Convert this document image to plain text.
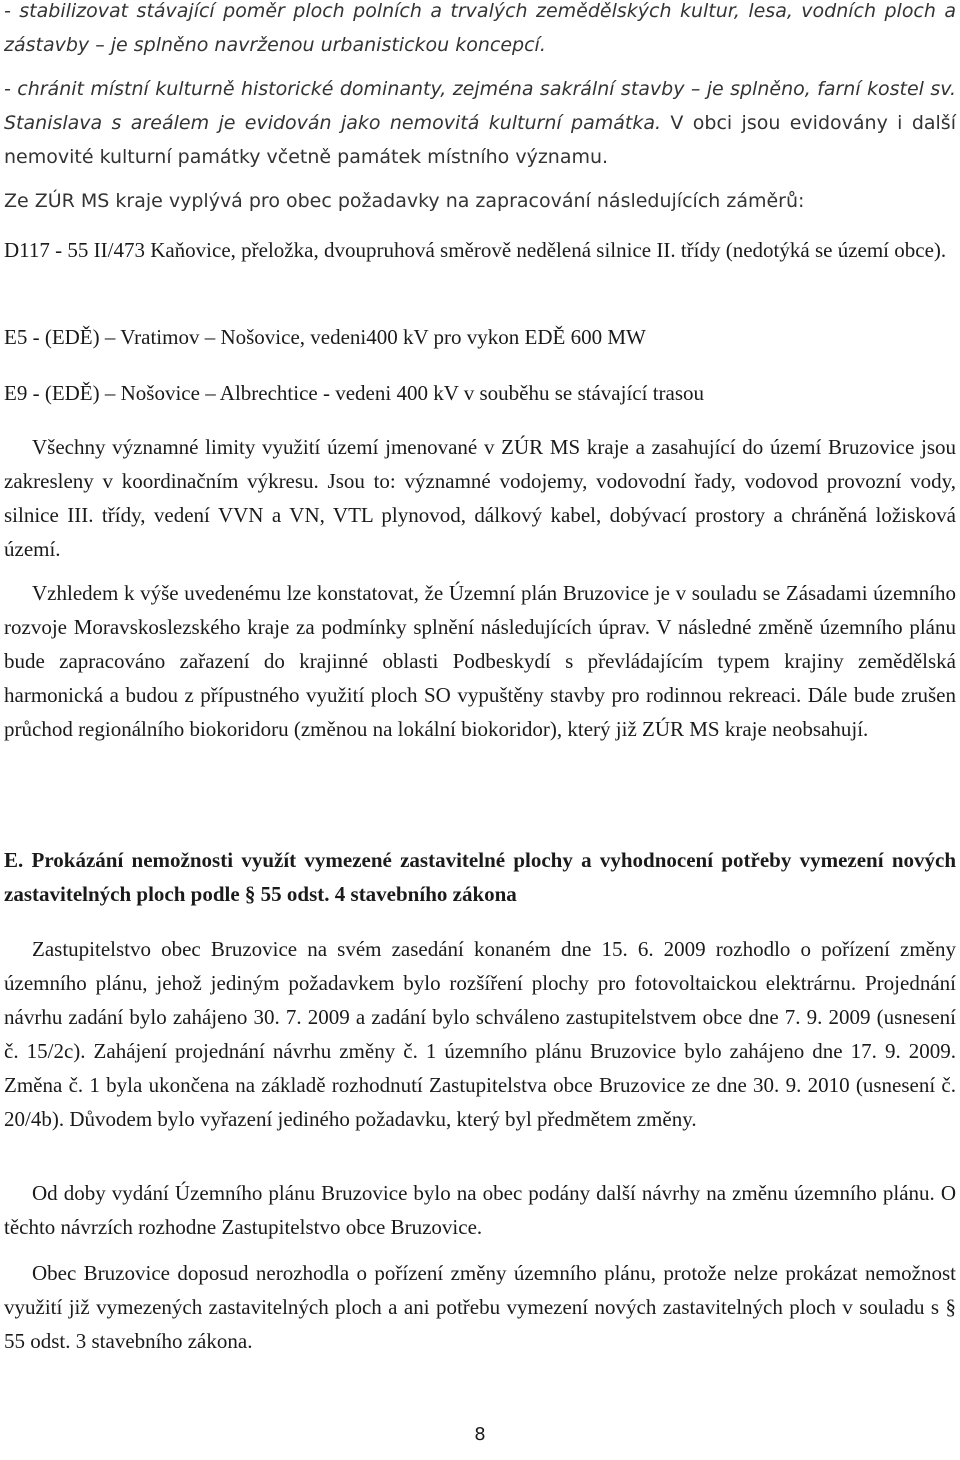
- stabilizovat stávající poměr ploch polních a trvalých zemědělských kultur, lesa, vodních ploch a zástavby – je splněno navrženou urbanistickou koncepcí.

- chránit místní kulturně historické dominanty, zejména sakrální stavby – je splněno, farní kostel sv. Stanislava s areálem je evidován jako nemovitá kulturní památka. V obci jsou evidovány i další nemovité kulturní památky včetně památek místního významu.

Ze ZÚR MS kraje vyplývá pro obec požadavky na zapracování následujících záměrů:

D117 - 55 II/473 Kaňovice, přeložka, dvoupruhová směrově nedělená silnice II. třídy (nedotýká se území obce).

E5 - (EDĚ) – Vratimov – Nošovice, vedeni400 kV pro vykon EDĚ 600 MW

E9 - (EDĚ) – Nošovice – Albrechtice - vedeni 400 kV v souběhu se stávající trasou

Všechny významné limity využití území jmenované v ZÚR MS kraje a zasahující do území Bruzovice jsou zakresleny v koordinačním výkresu. Jsou to: významné vodojemy, vodovodní řady, vodovod provozní vody, silnice III. třídy, vedení VVN a VN, VTL plynovod, dálkový kabel, dobývací prostory a chráněná ložisková území.

Vzhledem k výše uvedenému lze konstatovat, že Územní plán Bruzovice je v souladu se Zásadami územního rozvoje Moravskoslezského kraje za podmínky splnění následujících úprav. V následné změně územního plánu bude zapracováno zařazení do krajinné oblasti Podbeskydí s převládajícím typem krajiny zemědělská harmonická a budou z přípustného využití ploch SO vypuštěny stavby pro rodinnou rekreaci. Dále bude zrušen průchod regionálního biokoridoru (změnou na lokální biokoridor), který již ZÚR MS kraje neobsahují.

E. Prokázání nemožnosti využít vymezené zastavitelné plochy a vyhodnocení potřeby vymezení nových zastavitelných ploch podle § 55 odst. 4 stavebního zákona

Zastupitelstvo obec Bruzovice na svém zasedání konaném dne 15. 6. 2009 rozhodlo o pořízení změny územního plánu, jehož jediným požadavkem bylo rozšíření plochy pro fotovoltaickou elektrárnu. Projednání návrhu zadání bylo zahájeno 30. 7. 2009 a zadání bylo schváleno zastupitelstvem obce dne 7. 9. 2009 (usnesení č. 15/2c). Zahájení projednání návrhu změny č. 1 územního plánu Bruzovice bylo zahájeno dne 17. 9. 2009. Změna č. 1 byla ukončena na základě rozhodnutí Zastupitelstva obce Bruzovice ze dne 30. 9. 2010 (usnesení č. 20/4b). Důvodem bylo vyřazení jediného požadavku, který byl předmětem změny.

Od doby vydání Územního plánu Bruzovice bylo na obec podány další návrhy na změnu územního plánu. O těchto návrzích rozhodne Zastupitelstvo obce Bruzovice.

Obec Bruzovice doposud nerozhodla o pořízení změny územního plánu, protože nelze prokázat nemožnost využití již vymezených zastavitelných ploch a ani potřebu vymezení nových zastavitelných ploch v souladu s § 55 odst. 3 stavebního zákona.

8
